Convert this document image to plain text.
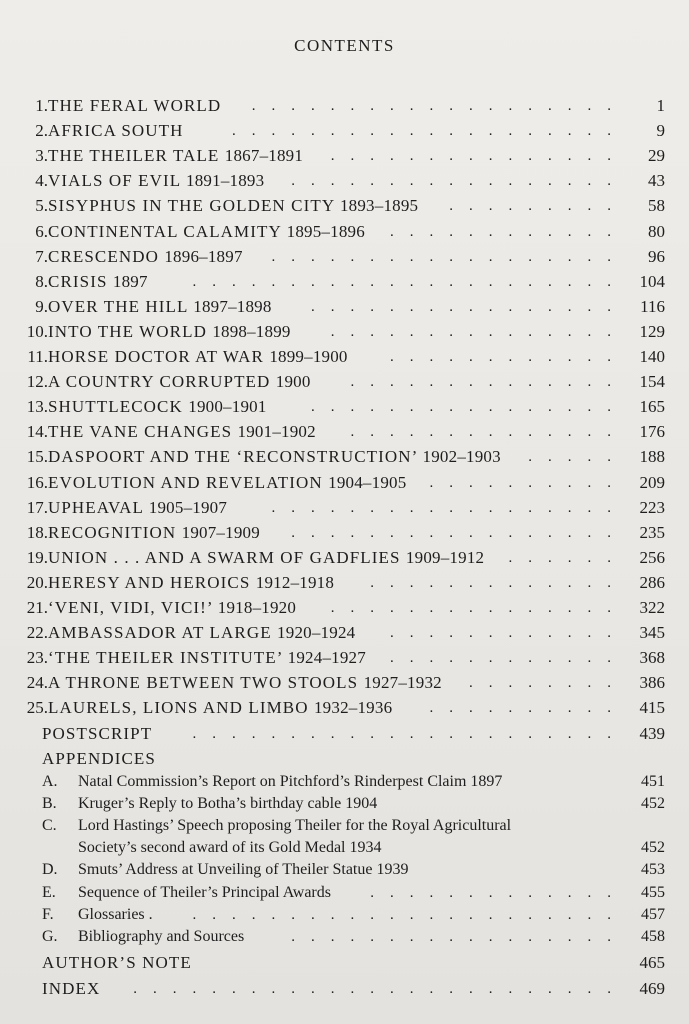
CONTENTS
1. THE FERAL WORLD	1
...................
2. AFRICA SOUTH	9
....................
3. THE THEILER TALE 1867–1891	29
...............
4. VIALS OF EVIL 1891–1893	43
.................
5. SISYPHUS IN THE GOLDEN CITY 1893–1895	58
.........
6. CONTINENTAL CALAMITY 1895–1896	80
............
7. CRESCENDO 1896–1897	96
..................
8. CRISIS 1897	104
......................
9. OVER THE HILL 1897–1898	116
................
10. INTO THE WORLD 1898–1899	129
...............
11. HORSE DOCTOR AT WAR 1899–1900	140
............
12. A COUNTRY CORRUPTED 1900	154
..............
13. SHUTTLECOCK 1900–1901	165
................
14. THE VANE CHANGES 1901–1902	176
..............
15. DASPOORT AND THE ‘RECONSTRUCTION’ 1902–1903	188
.....
16. EVOLUTION AND REVELATION 1904–1905	209
..........
17. UPHEAVAL 1905–1907	223
..................
18. RECOGNITION 1907–1909	235
.................
19. UNION . . . AND A SWARM OF GADFLIES 1909–1912	256
......
20. HERESY AND HEROICS 1912–1918	286
.............
21. ‘VENI, VIDI, VICI!’ 1918–1920	322
...............
22. AMBASSADOR AT LARGE 1920–1924	345
............
23. ‘THE THEILER INSTITUTE’ 1924–1927	368
............
24. A THRONE BETWEEN TWO STOOLS 1927–1932	386
........
25. LAURELS, LIONS AND LIMBO 1932–1936	415
..........
POSTSCRIPT	439
......................
APPENDICES
A.	Natal Commission’s Report on Pitchford’s Rinderpest Claim 1897	451
B.	Kruger’s Reply to Botha’s birthday cable 1904	452
C.	Lord Hastings’ Speech proposing Theiler for the Royal Agricultural
Society’s second award of its Gold Medal 1934	452
D.	Smuts’ Address at Unveiling of Theiler Statue 1939	453
E.	Sequence of Theiler’s Principal Awards	455
.............
F.	Glossaries .	457
......................
G.	Bibliography and Sources	458
.................
AUTHOR’S NOTE	465
INDEX	469
.........................
